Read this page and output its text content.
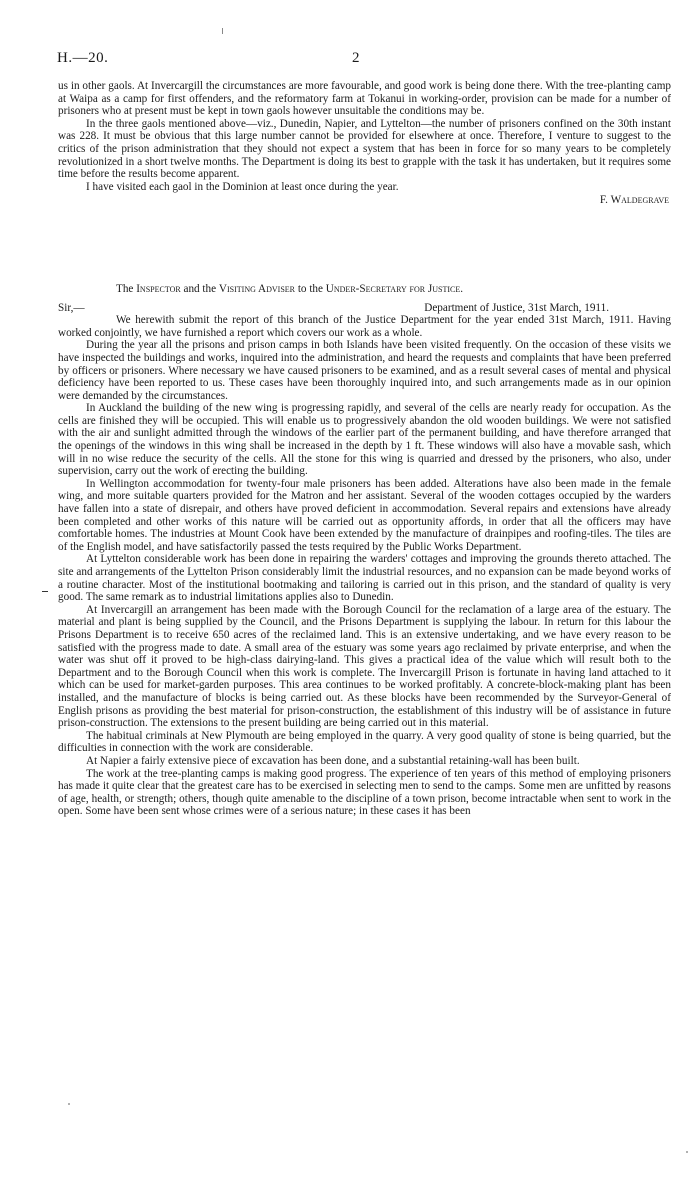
H.—20.	2

us in other gaols. At Invercargill the circumstances are more favourable, and good work is being done there. With the tree-planting camp at Waipa as a camp for first offenders, and the reformatory farm at Tokanui in working-order, provision can be made for a number of prisoners who at present must be kept in town gaols however unsuitable the conditions may be.

In the three gaols mentioned above—viz., Dunedin, Napier, and Lyttelton—the number of prisoners confined on the 30th instant was 228. It must be obvious that this large number cannot be provided for elsewhere at once. Therefore, I venture to suggest to the critics of the prison administration that they should not expect a system that has been in force for so many years to be completely revolutionized in a short twelve months. The Department is doing its best to grapple with the task it has undertaken, but it requires some time before the results become apparent.

I have visited each gaol in the Dominion at least once during the year.

F. Waldegrave

The Inspector and the Visiting Adviser to the Under-Secretary for Justice.

Sir,—	Department of Justice, 31st March, 1911.

We herewith submit the report of this branch of the Justice Department for the year ended 31st March, 1911. Having worked conjointly, we have furnished a report which covers our work as a whole.

During the year all the prisons and prison camps in both Islands have been visited frequently. On the occasion of these visits we have inspected the buildings and works, inquired into the administration, and heard the requests and complaints that have been preferred by officers or prisoners. Where necessary we have caused prisoners to be examined, and as a result several cases of mental and physical deficiency have been reported to us. These cases have been thoroughly inquired into, and such arrangements made as in our opinion were demanded by the circumstances.

In Auckland the building of the new wing is progressing rapidly, and several of the cells are nearly ready for occupation. As the cells are finished they will be occupied. This will enable us to progressively abandon the old wooden buildings. We were not satisfied with the air and sunlight admitted through the windows of the earlier part of the permanent building, and have therefore arranged that the openings of the windows in this wing shall be increased in the depth by 1 ft. These windows will also have a movable sash, which will in no wise reduce the security of the cells. All the stone for this wing is quarried and dressed by the prisoners, who also, under supervision, carry out the work of erecting the building.

In Wellington accommodation for twenty-four male prisoners has been added. Alterations have also been made in the female wing, and more suitable quarters provided for the Matron and her assistant. Several of the wooden cottages occupied by the warders have fallen into a state of disrepair, and others have proved deficient in accommodation. Several repairs and extensions have already been completed and other works of this nature will be carried out as opportunity affords, in order that all the officers may have comfortable homes. The industries at Mount Cook have been extended by the manufacture of drainpipes and roofing-tiles. The tiles are of the English model, and have satisfactorily passed the tests required by the Public Works Department.

At Lyttelton considerable work has been done in repairing the warders' cottages and improving the grounds thereto attached. The site and arrangements of the Lyttelton Prison considerably limit the industrial resources, and no expansion can be made beyond works of a routine character. Most of the institutional bootmaking and tailoring is carried out in this prison, and the standard of quality is very good. The same remark as to industrial limitations applies also to Dunedin.

At Invercargill an arrangement has been made with the Borough Council for the reclamation of a large area of the estuary. The material and plant is being supplied by the Council, and the Prisons Department is supplying the labour. In return for this labour the Prisons Department is to receive 650 acres of the reclaimed land. This is an extensive undertaking, and we have every reason to be satisfied with the progress made to date. A small area of the estuary was some years ago reclaimed by private enterprise, and when the water was shut off it proved to be high-class dairying-land. This gives a practical idea of the value which will result both to the Department and to the Borough Council when this work is complete. The Invercargill Prison is fortunate in having land attached to it which can be used for market-garden purposes. This area continues to be worked profitably. A concrete-block-making plant has been installed, and the manufacture of blocks is being carried out. As these blocks have been recommended by the Surveyor-General of English prisons as providing the best material for prison-construction, the establishment of this industry will be of assistance in future prison-construction. The extensions to the present building are being carried out in this material.

The habitual criminals at New Plymouth are being employed in the quarry. A very good quality of stone is being quarried, but the difficulties in connection with the work are considerable.

At Napier a fairly extensive piece of excavation has been done, and a substantial retaining-wall has been built.

The work at the tree-planting camps is making good progress. The experience of ten years of this method of employing prisoners has made it quite clear that the greatest care has to be exercised in selecting men to send to the camps. Some men are unfitted by reasons of age, health, or strength; others, though quite amenable to the discipline of a town prison, become intractable when sent to work in the open. Some have been sent whose crimes were of a serious nature; in these cases it has been
